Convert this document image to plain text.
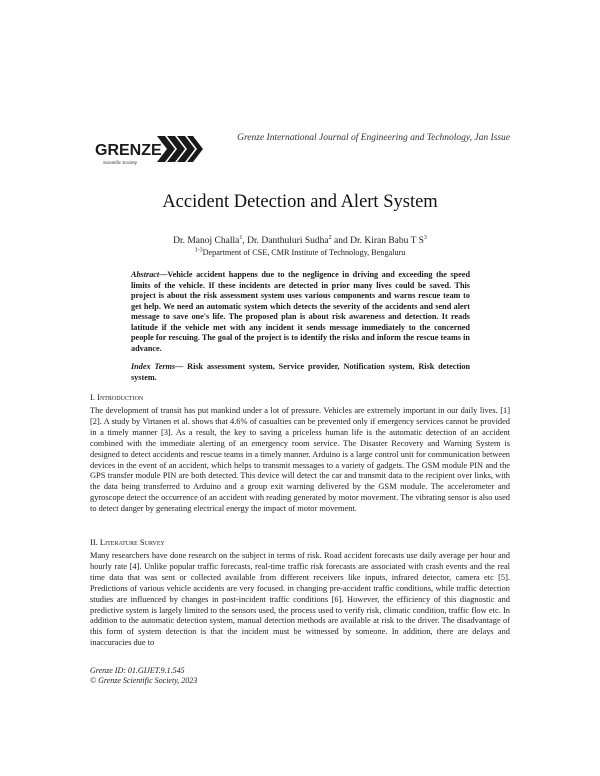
GRENZE
Scientific Society
Grenze International Journal of Engineering and Technology, Jan Issue
Accident Detection and Alert System
Dr. Manoj Challa$^1$, Dr. Danthuluri Sudha$^2$ and Dr. Kiran Babu T $S^3$
$^{1-3}$Department of CSE, CMR Institute of Technology, Bengaluru
Abstract—Vehicle accident happens due to the negligence in driving and exceeding the speed limits of the vehicle. If these incidents are detected in prior many lives could be saved. This project is about the risk assessment system uses various components and warns rescue team to get help. We need an automatic system which detects the severity of the accidents and send alert message to save one's life. The proposed plan is about risk awareness and detection. It reads latitude if the vehicle met with any incident it sends message immediately to the concerned people for rescuing. The goal of the project is to identify the risks and inform the rescue teams in advance.
Index Terms— Risk assessment system, Service provider, Notification system, Risk detection system.
I. Introduction
The development of transit has put mankind under a lot of pressure. Vehicles are extremely important in our daily lives. [1][2]. A study by Virtanen et al. shows that 4.6% of casualties can be prevented only if emergency services cannot be provided in a timely manner [3]. As a result, the key to saving a priceless human life is the automatic detection of an accident combined with the immediate alerting of an emergency room service. The Disaster Recovery and Warning System is designed to detect accidents and rescue teams in a timely manner. Arduino is a large control unit for communication between devices in the event of an accident, which helps to transmit messages to a variety of gadgets. The GSM module PIN and the GPS transfer module PIN are both detected. This device will detect the car and transmit data to the recipient over links, with the data being transferred to Arduino and a group exit warning delivered by the GSM module. The accelerometer and gyroscope detect the occurrence of an accident with reading generated by motor movement. The vibrating sensor is also used to detect danger by generating electrical energy the impact of motor movement.
II. Literature Survey
Many researchers have done research on the subject in terms of risk. Road accident forecasts use daily average per hour and hourly rate [4]. Unlike popular traffic forecasts, real-time traffic risk forecasts are associated with crash events and the real time data that was sent or collected available from different receivers like inputs, infrared detector, camera etc [5]. Predictions of various vehicle accidents are very focused. in changing pre-accident traffic conditions, while traffic detection studies are influenced by changes in post-incident traffic conditions [6]. However, the efficiency of this diagnostic and predictive system is largely limited to the sensors used, the process used to verify risk, climatic condition, traffic flow etc. In addition to the automatic detection system, manual detection methods are available at risk to the driver. The disadvantage of this form of system detection is that the incident must be witnessed by someone. In addition, there are delays and inaccuracies due to
Grenze ID: 01.GIJET.9.1.545
© Grenze Scientific Society, 2023
